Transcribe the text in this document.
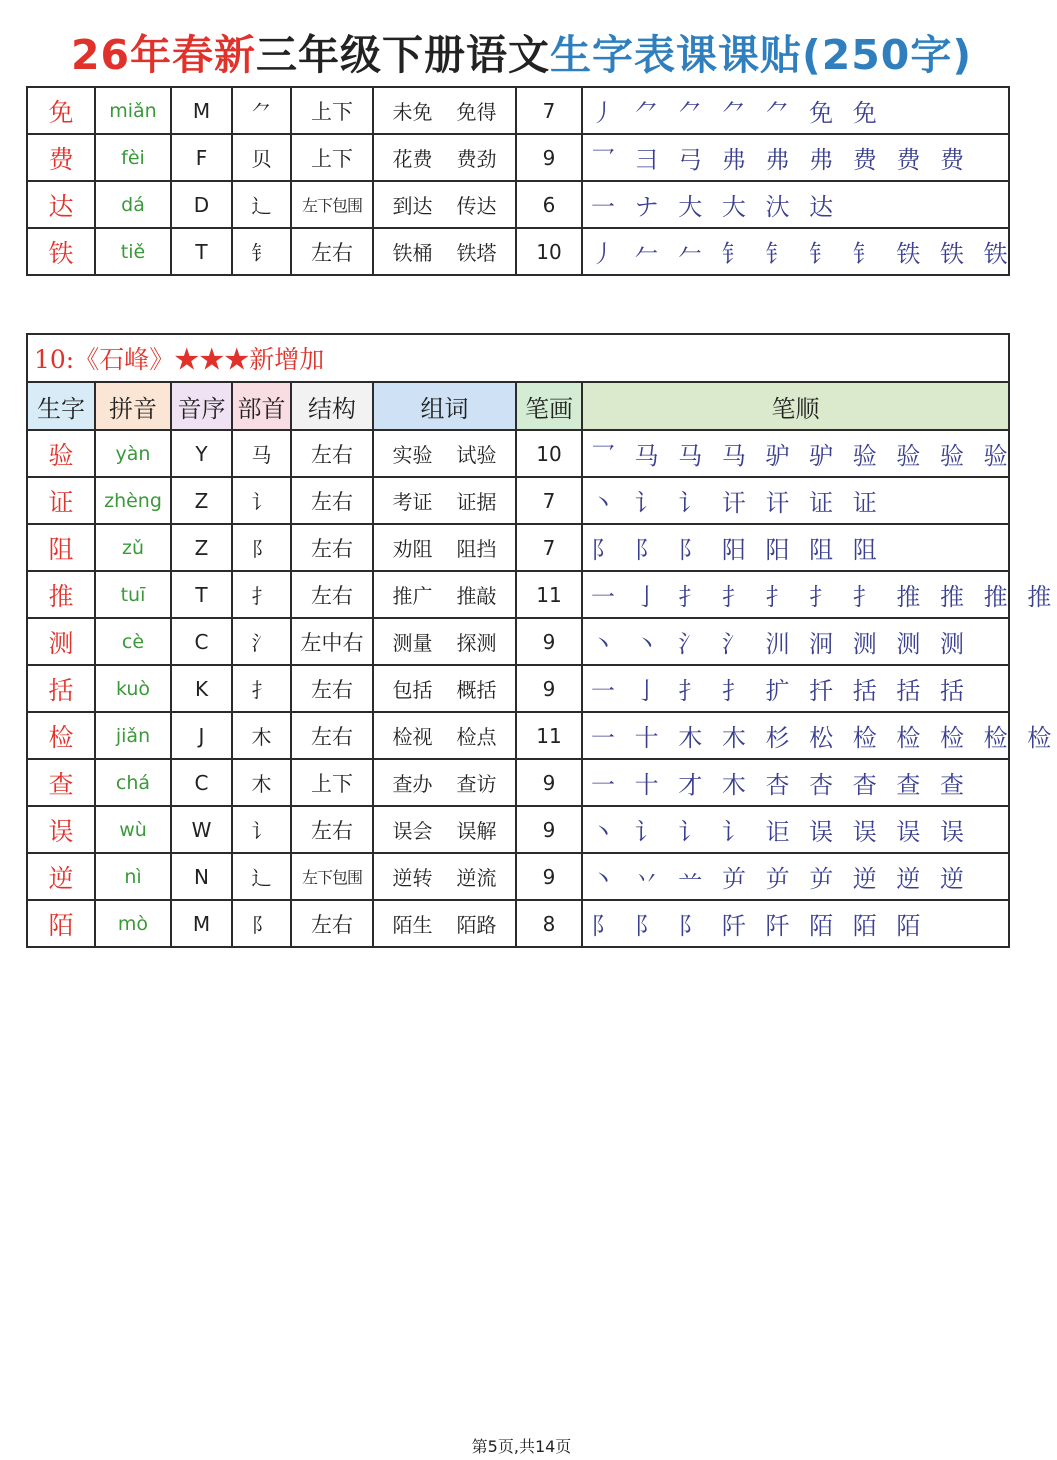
26年春新三年级下册语文生字表课课贴(250字)
免	miǎn	M	⺈	上下	未免 免得	7	丿 ⺈ ⺈ ⺈ ⺈ 免 免
费	fèi	F	贝	上下	花费 费劲	9	乛 ⺕ 弓 弗 弗 弗 费 费 费
达	dá	D	辶	左下包围	到达 传达	6	一 ナ 大 大 汏 达
铁	tiě	T	钅	左右	铁桶 铁塔	10	丿 𠂉 𠂉 钅 钅 钅 钅 铁 铁 铁
10:《石峰》★★★新增加							
生字	拼音	音序	部首	结构	组词	笔画	笔顺
验	yàn	Y	马	左右	实验 试验	10	乛 马 马 马 驴 驴 验 验 验 验
证	zhèng	Z	讠	左右	考证 证据	7	丶 讠 讠 讦 讦 证 证
阻	zǔ	Z	阝	左右	劝阻 阻挡	7	阝 阝 阝 阳 阳 阻 阻
推	tuī	T	扌	左右	推广 推敲	11	一 亅 扌 扌 扌 扌 扌 推 推 推 推
测	cè	C	氵	左中右	测量 探测	9	丶 丶 氵 氵 汌 泂 测 测 测
括	kuò	K	扌	左右	包括 概括	9	一 亅 扌 扌 扩 扦 括 括 括
检	jiǎn	J	木	左右	检视 检点	11	一 十 木 木 杉 松 检 检 检 检 检
查	chá	C	木	上下	查办 查访	9	一 十 才 木 杏 杏 杳 查 查
误	wù	W	讠	左右	误会 误解	9	丶 讠 讠 讠 讵 误 误 误 误
逆	nì	N	辶	左下包围	逆转 逆流	9	丶 丷 䒑 屰 屰 屰 逆 逆 逆
陌	mò	M	阝	左右	陌生 陌路	8	阝 阝 阝 阡 阡 陌 陌 陌
第5页,共14页
